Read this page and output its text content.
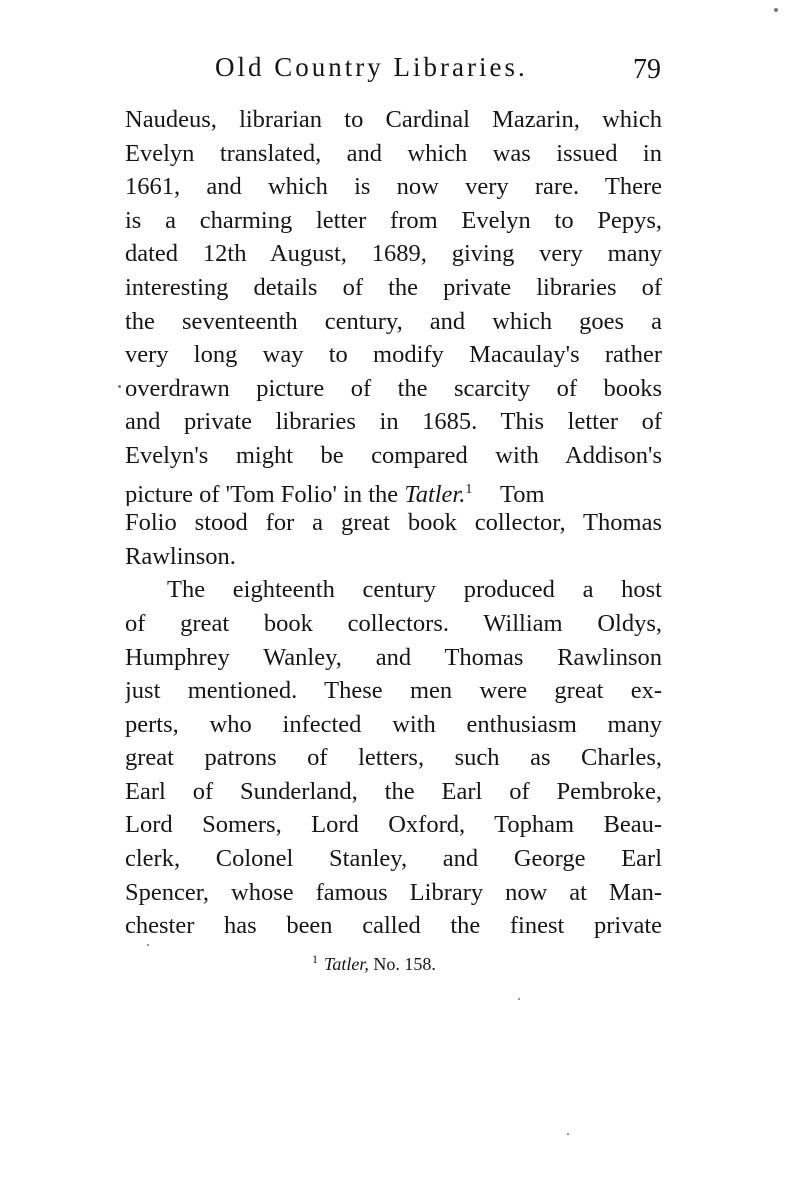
Old Country Libraries.	79
Naudeus, librarian to Cardinal Mazarin, which
Evelyn translated, and which was issued in
1661, and which is now very rare. There
is a charming letter from Evelyn to Pepys,
dated 12th August, 1689, giving very many
interesting details of the private libraries of
the seventeenth century, and which goes a
very long way to modify Macaulay's rather
overdrawn picture of the scarcity of books
and private libraries in 1685. This letter of
Evelyn's might be compared with Addison's
picture of 'Tom Folio' in the Tatler.$^1$ Tom
Folio stood for a great book collector, Thomas
Rawlinson.
The eighteenth century produced a host
of great book collectors. William Oldys,
Humphrey Wanley, and Thomas Rawlinson
just mentioned. These men were great ex-
perts, who infected with enthusiasm many
great patrons of letters, such as Charles,
Earl of Sunderland, the Earl of Pembroke,
Lord Somers, Lord Oxford, Topham Beau-
clerk, Colonel Stanley, and George Earl
Spencer, whose famous Library now at Man-
chester has been called the finest private
$^1$ Tatler, No. 158.
